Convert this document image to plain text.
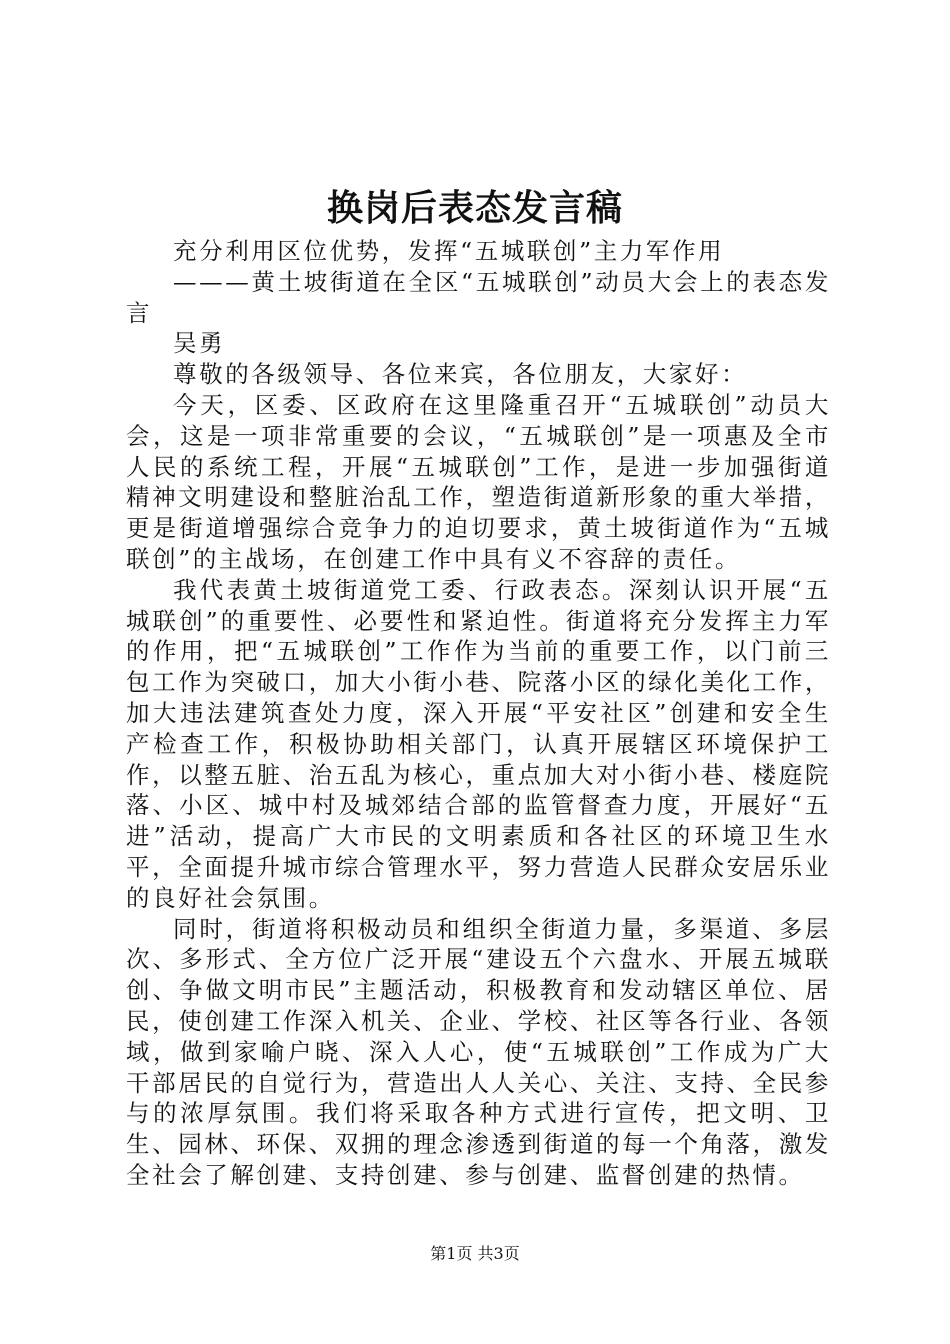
换岗后表态发言稿

充分利用区位优势，发挥“五城联创”主力军作用

———黄土坡街道在全区“五城联创”动员大会上的表态发言

吴勇

尊敬的各级领导、各位来宾，各位朋友，大家好：

今天，区委、区政府在这里隆重召开“五城联创”动员大会，这是一项非常重要的会议，“五城联创”是一项惠及全市人民的系统工程，开展“五城联创”工作，是进一步加强街道精神文明建设和整脏治乱工作，塑造街道新形象的重大举措，更是街道增强综合竞争力的迫切要求，黄土坡街道作为“五城联创”的主战场，在创建工作中具有义不容辞的责任。

我代表黄土坡街道党工委、行政表态。深刻认识开展“五城联创”的重要性、必要性和紧迫性。街道将充分发挥主力军的作用，把“五城联创”工作作为当前的重要工作，以门前三包工作为突破口，加大小街小巷、院落小区的绿化美化工作，加大违法建筑查处力度，深入开展“平安社区”创建和安全生产检查工作，积极协助相关部门，认真开展辖区环境保护工作，以整五脏、治五乱为核心，重点加大对小街小巷、楼庭院落、小区、城中村及城郊结合部的监管督查力度，开展好“五进”活动，提高广大市民的文明素质和各社区的环境卫生水平，全面提升城市综合管理水平，努力营造人民群众安居乐业的良好社会氛围。

同时，街道将积极动员和组织全街道力量，多渠道、多层次、多形式、全方位广泛开展“建设五个六盘水、开展五城联创、争做文明市民”主题活动，积极教育和发动辖区单位、居民，使创建工作深入机关、企业、学校、社区等各行业、各领域，做到家喻户晓、深入人心，使“五城联创”工作成为广大干部居民的自觉行为，营造出人人关心、关注、支持、全民参与的浓厚氛围。我们将采取各种方式进行宣传，把文明、卫生、园林、环保、双拥的理念渗透到街道的每一个角落，激发全社会了解创建、支持创建、参与创建、监督创建的热情。

第1页 共3页
